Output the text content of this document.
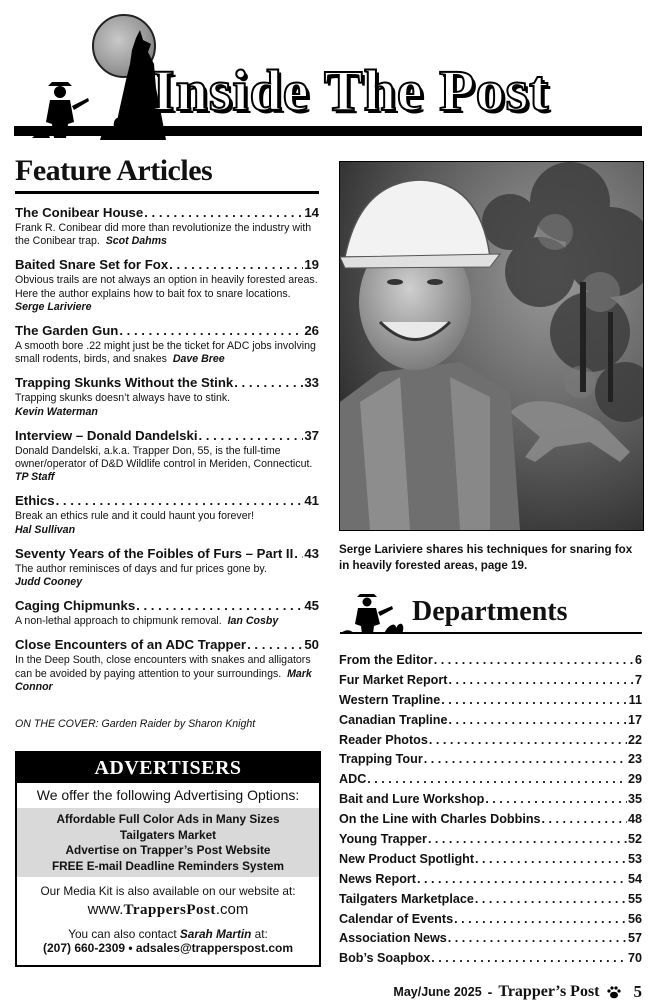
Inside The Post
Feature Articles
The Conibear House . . .	14
Frank R. Conibear did more than revolutionize the industry with the Conibear trap. Scot Dahms
Baited Snare Set for Fox . . .	19
Obvious trails are not always an option in heavily forested areas. Here the author explains how to bait fox to snare locations.  Serge Lariviere
The Garden Gun . . .	26
A smooth bore .22 might just be the ticket for ADC jobs involving small rodents, birds, and snakes Dave Bree
Trapping Skunks Without the Stink . . .	33
Trapping skunks doesn’t always have to stink.
Kevin Waterman
Interview – Donald Dandelski . . .	37
Donald Dandelski, a.k.a. Trapper Don, 55, is the full-time owner/operator of D&D Wildlife control in Meriden, Connecticut.  TP Staff
Ethics . . .	41
Break an ethics rule and it could haunt you forever!
Hal Sullivan
Seventy Years of the Foibles of Furs – Part II . . . 43
The author reminisces of days and fur prices gone by.
Judd Cooney
Caging Chipmunks . . .	45
A non-lethal approach to chipmunk removal. Ian Cosby
Close Encounters of an ADC Trapper . . .	50
In the Deep South, close encounters with snakes and alligators can be avoided by paying attention to your surroundings. Mark Connor
ON THE COVER: Garden Raider by Sharon Knight
ADVERTISERS
We offer the following Advertising Options:
Affordable Full Color Ads in Many Sizes
Tailgaters Market
Advertise on Trapper’s Post Website
FREE E-mail Deadline Reminders System
Our Media Kit is also available on our website at:
www.TrappersPost.com
You can also contact Sarah Martin at:
(207) 660-2309 • adsales@trapperspost.com
Serge Lariviere shares his techniques for snaring fox in heavily forested areas, page 19.
Departments
From the Editor . . .	6
Fur Market Report . . .	7
Western Trapline . . .	11
Canadian Trapline . . .	17
Reader Photos . . .	22
Trapping Tour . . .	23
ADC . . .	29
Bait and Lure Workshop . . .	35
On the Line with Charles Dobbins . . .	48
Young Trapper . . .	52
New Product Spotlight . . .	53
News Report . . .	54
Tailgaters Marketplace . . .	55
Calendar of Events . . .	56
Association News . . .	57
Bob’s Soapbox . . .	70
May/June 2025 - Trapper’s Post 5
